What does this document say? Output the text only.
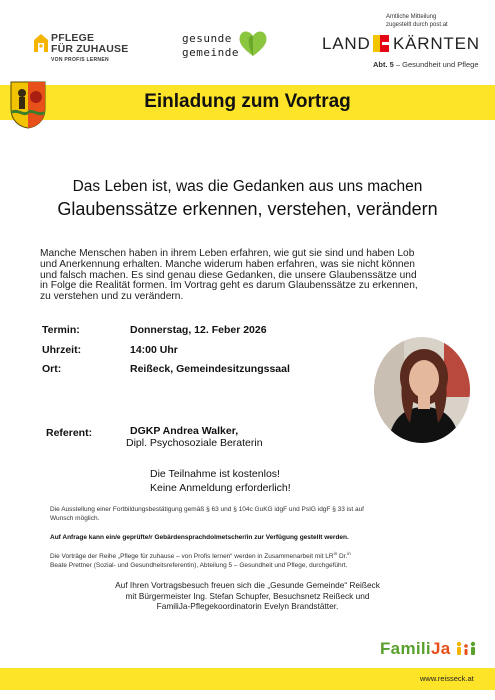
PFLEGE
FÜR ZUHAUSE
VON PROFIS LERNEN
gesunde
gemeinde
Amtliche Mitteilung
zugestellt durch post.at
LAND KÄRNTEN
Abt. 5 – Gesundheit und Pflege
Einladung zum Vortrag
Das Leben ist, was die Gedanken aus uns machen
Glaubenssätze erkennen, verstehen, verändern
Manche Menschen haben in ihrem Leben erfahren, wie gut sie sind und haben Lob
und Anerkennung erhalten. Manche widerum haben erfahren, was sie nicht können
und falsch machen. Es sind genau diese Gedanken, die unsere Glaubenssätze und
in Folge die Realität formen. Im Vortrag geht es darum Glaubenssätze zu erkennen,
zu verstehen und zu verändern.
Termin:	Donnerstag, 12. Feber 2026
Uhrzeit:	14:00 Uhr
Ort:	Reißeck, Gemeindesitzungssaal
Referent:	DGKP Andrea Walker,
Dipl. Psychosoziale Beraterin
Die Teilnahme ist kostenlos!
Keine Anmeldung erforderlich!
Die Ausstellung einer Fortbildungsbestätigung gemäß § 63 und § 104c GuKG idgF und PsIG idgF § 33 ist auf
Wunsch möglich.
Auf Anfrage kann ein/e geprüfte/r Gebärdensprachdolmetscher/in zur Verfügung gestellt werden.
Die Vorträge der Reihe „Pflege für zuhause – von Profis lernen“ werden in Zusammenarbeit mit $LR^{in}$ Dr.$^{in}$
Beate Prettner (Sozial- und Gesundheitsreferentin), Abteilung 5 – Gesundheit und Pflege, durchgeführt.
Auf Ihren Vortragsbesuch freuen sich die „Gesunde Gemeinde“ Reißeck
mit Bürgermeister Ing. Stefan Schupfer, Besuchsnetz Reißeck und
FamiliJa-Pflegekoordinatorin Evelyn Brandstätter.
FamiliJa
www.reisseck.at
